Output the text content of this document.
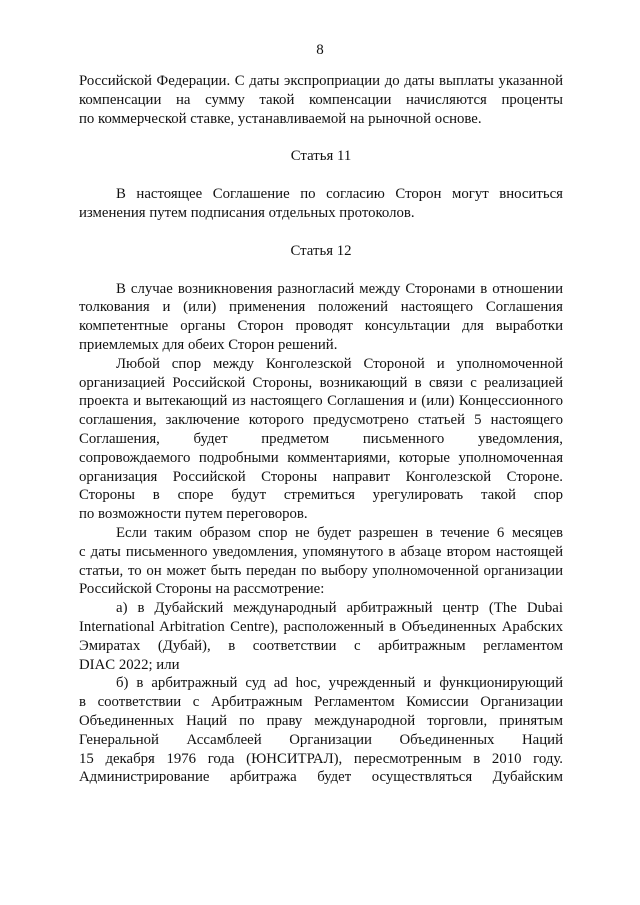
8
Российской Федерации. С даты экспроприации до даты выплаты указанной
компенсации на сумму такой компенсации начисляются проценты
по коммерческой ставке, устанавливаемой на рыночной основе.
Статья 11
В настоящее Соглашение по согласию Сторон могут вноситься
изменения путем подписания отдельных протоколов.
Статья 12
В случае возникновения разногласий между Сторонами в отношении
толкования и (или) применения положений настоящего Соглашения
компетентные органы Сторон проводят консультации для выработки
приемлемых для обеих Сторон решений.
Любой спор между Конголезской Стороной и уполномоченной
организацией Российской Стороны, возникающий в связи с реализацией
проекта и вытекающий из настоящего Соглашения и (или) Концессионного
соглашения, заключение которого предусмотрено статьей 5 настоящего
Соглашения, будет предметом письменного уведомления,
сопровождаемого подробными комментариями, которые уполномоченная
организация Российской Стороны направит Конголезской Стороне.
Стороны в споре будут стремиться урегулировать такой спор
по возможности путем переговоров.
Если таким образом спор не будет разрешен в течение 6 месяцев
с даты письменного уведомления, упомянутого в абзаце втором настоящей
статьи, то он может быть передан по выбору уполномоченной организации
Российской Стороны на рассмотрение:
а) в Дубайский международный арбитражный центр (The Dubai
International Arbitration Centre), расположенный в Объединенных Арабских
Эмиратах (Дубай), в соответствии с арбитражным регламентом
DIAC 2022; или
б) в арбитражный суд ad hoc, учрежденный и функционирующий
в соответствии с Арбитражным Регламентом Комиссии Организации
Объединенных Наций по праву международной торговли, принятым
Генеральной Ассамблеей Организации Объединенных Наций
15 декабря 1976 года (ЮНСИТРАЛ), пересмотренным в 2010 году.
Администрирование арбитража будет осуществляться Дубайским
